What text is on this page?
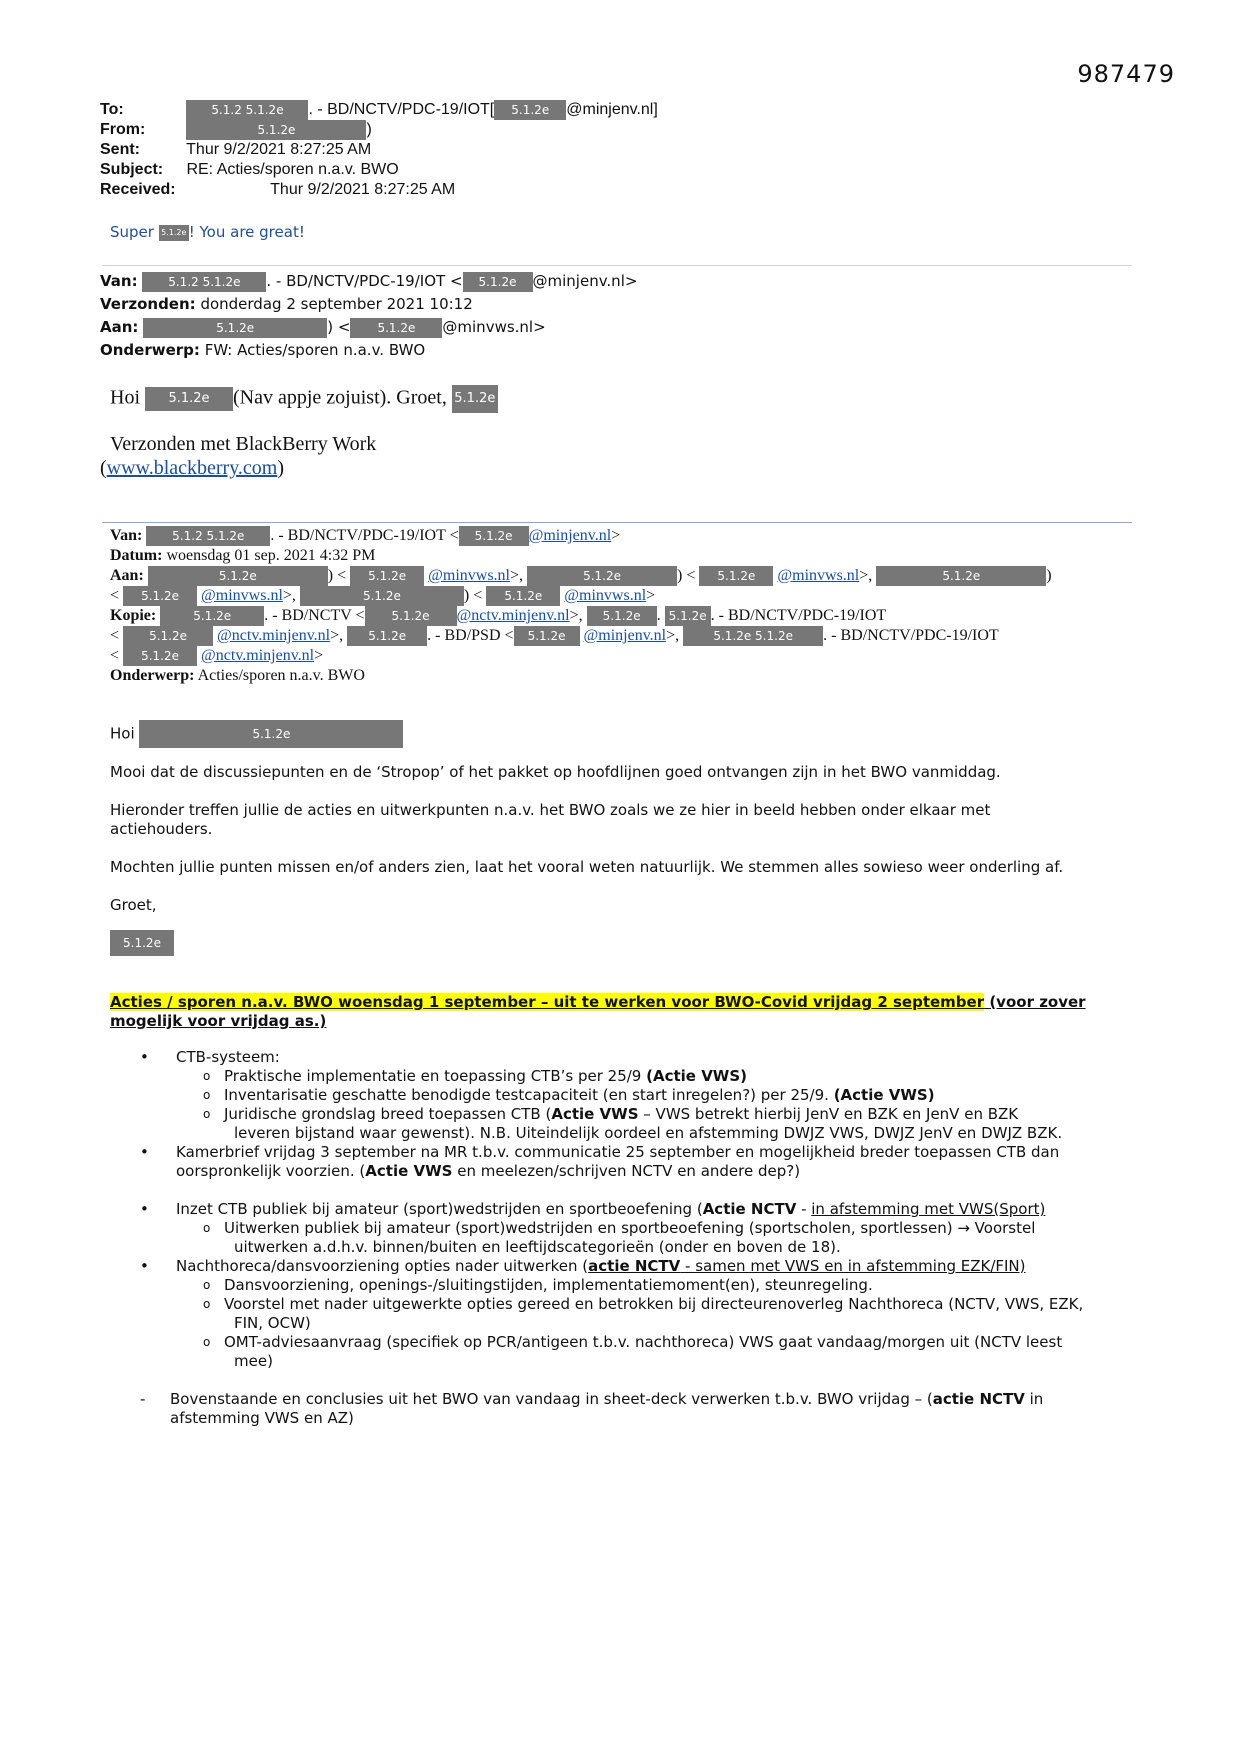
987479
To:	5.1.2 5.1.2e . - BD/NCTV/PDC-19/IOT[ 5.1.2e @minjenv.nl]
From:	5.1.2e	)
Sent:	Thur 9/2/2021 8:27:25 AM
Subject: RE: Acties/sporen n.a.v. BWO
Received:	Thur 9/2/2021 8:27:25 AM
Super 5.1.2e ! You are great!
Van:	5.1.2 5.1.2e . - BD/NCTV/PDC-19/IOT < 5.1.2e @minjenv.nl>
Verzonden: donderdag 2 september 2021 10:12
Aan:	5.1.2e	) < 5.1.2e @minvws.nl>
Onderwerp: FW: Acties/sporen n.a.v. BWO
Hoi 5.1.2e (Nav appje zojuist). Groet, 5.1.2e
Verzonden met BlackBerry Work
(www.blackberry.com)
Van: 5.1.2 5.1.2e . - BD/NCTV/PDC-19/IOT < 5.1.2e @minjenv.nl>
Datum: woensdag 01 sep. 2021 4:32 PM
Aan:	5.1.2e	) < 5.1.2e @minvws.nl>,	5.1.2e	) < 5.1.2e @minvws.nl>,	5.1.2e	)
< 5.1.2e @minvws.nl>,	5.1.2e	) < 5.1.2e @minvws.nl>
Kopie:	5.1.2e . - BD/NCTV < 5.1.2e @nctv.minjenv.nl>, 5.1.2e . 5.1.2e . - BD/NCTV/PDC-19/IOT
< 5.1.2e @nctv.minjenv.nl>, 5.1.2e . - BD/PSD < 5.1.2e @minjenv.nl>,	5.1.2e 5.1.2e . - BD/NCTV/PDC-19/IOT
< 5.1.2e @nctv.minjenv.nl>
Onderwerp: Acties/sporen n.a.v. BWO
Hoi	5.1.2e

Mooi dat de discussiepunten en de ‘Stropop’ of het pakket op hoofdlijnen goed ontvangen zijn in het BWO vanmiddag.

Hieronder treffen jullie de acties en uitwerkpunten n.a.v. het BWO zoals we ze hier in beeld hebben onder elkaar met actiehouders.

Mochten jullie punten missen en/of anders zien, laat het vooral weten natuurlijk. We stemmen alles sowieso weer onderling af.

Groet,

5.1.2e
Acties / sporen n.a.v. BWO woensdag 1 september – uit te werken voor BWO-Covid vrijdag 2 september (voor zover mogelijk voor vrijdag as.)
• CTB-systeem:
o Praktische implementatie en toepassing CTB’s per 25/9 (Actie VWS)
o Inventarisatie geschatte benodigde testcapaciteit (en start inregelen?) per 25/9. (Actie VWS)
o Juridische grondslag breed toepassen CTB (Actie VWS – VWS betrekt hierbij JenV en BZK en JenV en BZK
leveren bijstand waar gewenst). N.B. Uiteindelijk oordeel en afstemming DWJZ VWS, DWJZ JenV en DWJZ BZK.
• Kamerbrief vrijdag 3 september na MR t.b.v. communicatie 25 september en mogelijkheid breder toepassen CTB dan oorspronkelijk voorzien. (Actie VWS en meelezen/schrijven NCTV en andere dep?)
• Inzet CTB publiek bij amateur (sport)wedstrijden en sportbeoefening (Actie NCTV - in afstemming met VWS(Sport)
o Uitwerken publiek bij amateur (sport)wedstrijden en sportbeoefening (sportscholen, sportlessen) → Voorstel
uitwerken a.d.h.v. binnen/buiten en leeftijdscategorieën (onder en boven de 18).
• Nachthoreca/dansvoorziening opties nader uitwerken (actie NCTV - samen met VWS en in afstemming EZK/FIN)
o Dansvoorziening, openings-/sluitingstijden, implementatiemoment(en), steunregeling.
o Voorstel met nader uitgewerkte opties gereed en betrokken bij directeurenoverleg Nachthoreca (NCTV, VWS, EZK,
FIN, OCW)
o OMT-adviesaanvraag (specifiek op PCR/antigeen t.b.v. nachthoreca) VWS gaat vandaag/morgen uit (NCTV leest
mee)
- Bovenstaande en conclusies uit het BWO van vandaag in sheet-deck verwerken t.b.v. BWO vrijdag – (actie NCTV in afstemming VWS en AZ)
